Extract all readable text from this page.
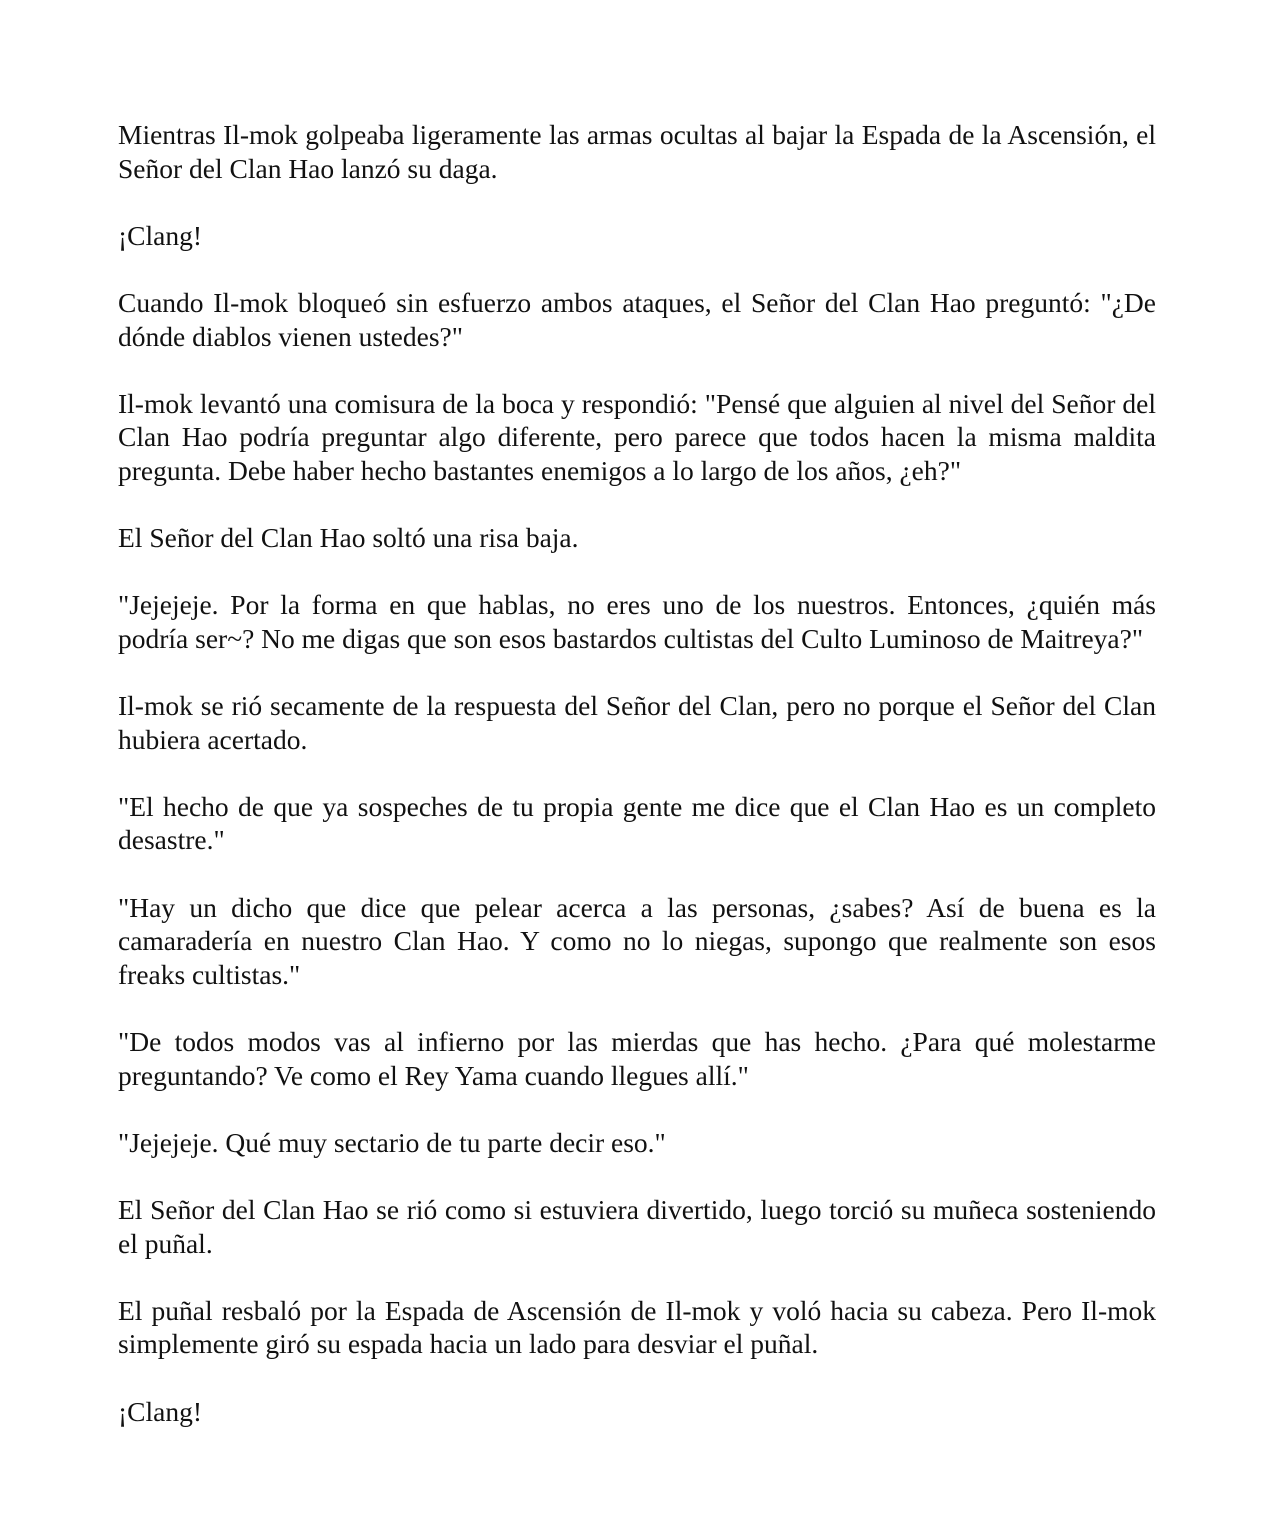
Mientras Il-mok golpeaba ligeramente las armas ocultas al bajar la Espada de la Ascensión, el Señor del Clan Hao lanzó su daga.

¡Clang!

Cuando Il-mok bloqueó sin esfuerzo ambos ataques, el Señor del Clan Hao preguntó: "¿De dónde diablos vienen ustedes?"

Il-mok levantó una comisura de la boca y respondió: "Pensé que alguien al nivel del Señor del Clan Hao podría preguntar algo diferente, pero parece que todos hacen la misma maldita pregunta. Debe haber hecho bastantes enemigos a lo largo de los años, ¿eh?"

El Señor del Clan Hao soltó una risa baja.

"Jejejeje. Por la forma en que hablas, no eres uno de los nuestros. Entonces, ¿quién más podría ser~? No me digas que son esos bastardos cultistas del Culto Luminoso de Maitreya?"

Il-mok se rió secamente de la respuesta del Señor del Clan, pero no porque el Señor del Clan hubiera acertado.

"El hecho de que ya sospeches de tu propia gente me dice que el Clan Hao es un completo desastre."

"Hay un dicho que dice que pelear acerca a las personas, ¿sabes? Así de buena es la camaradería en nuestro Clan Hao. Y como no lo niegas, supongo que realmente son esos freaks cultistas."

"De todos modos vas al infierno por las mierdas que has hecho. ¿Para qué molestarme preguntando? Ve como el Rey Yama cuando llegues allí."

"Jejejeje. Qué muy sectario de tu parte decir eso."

El Señor del Clan Hao se rió como si estuviera divertido, luego torció su muñeca sosteniendo el puñal.

El puñal resbaló por la Espada de Ascensión de Il-mok y voló hacia su cabeza. Pero Il-mok simplemente giró su espada hacia un lado para desviar el puñal.

¡Clang!
